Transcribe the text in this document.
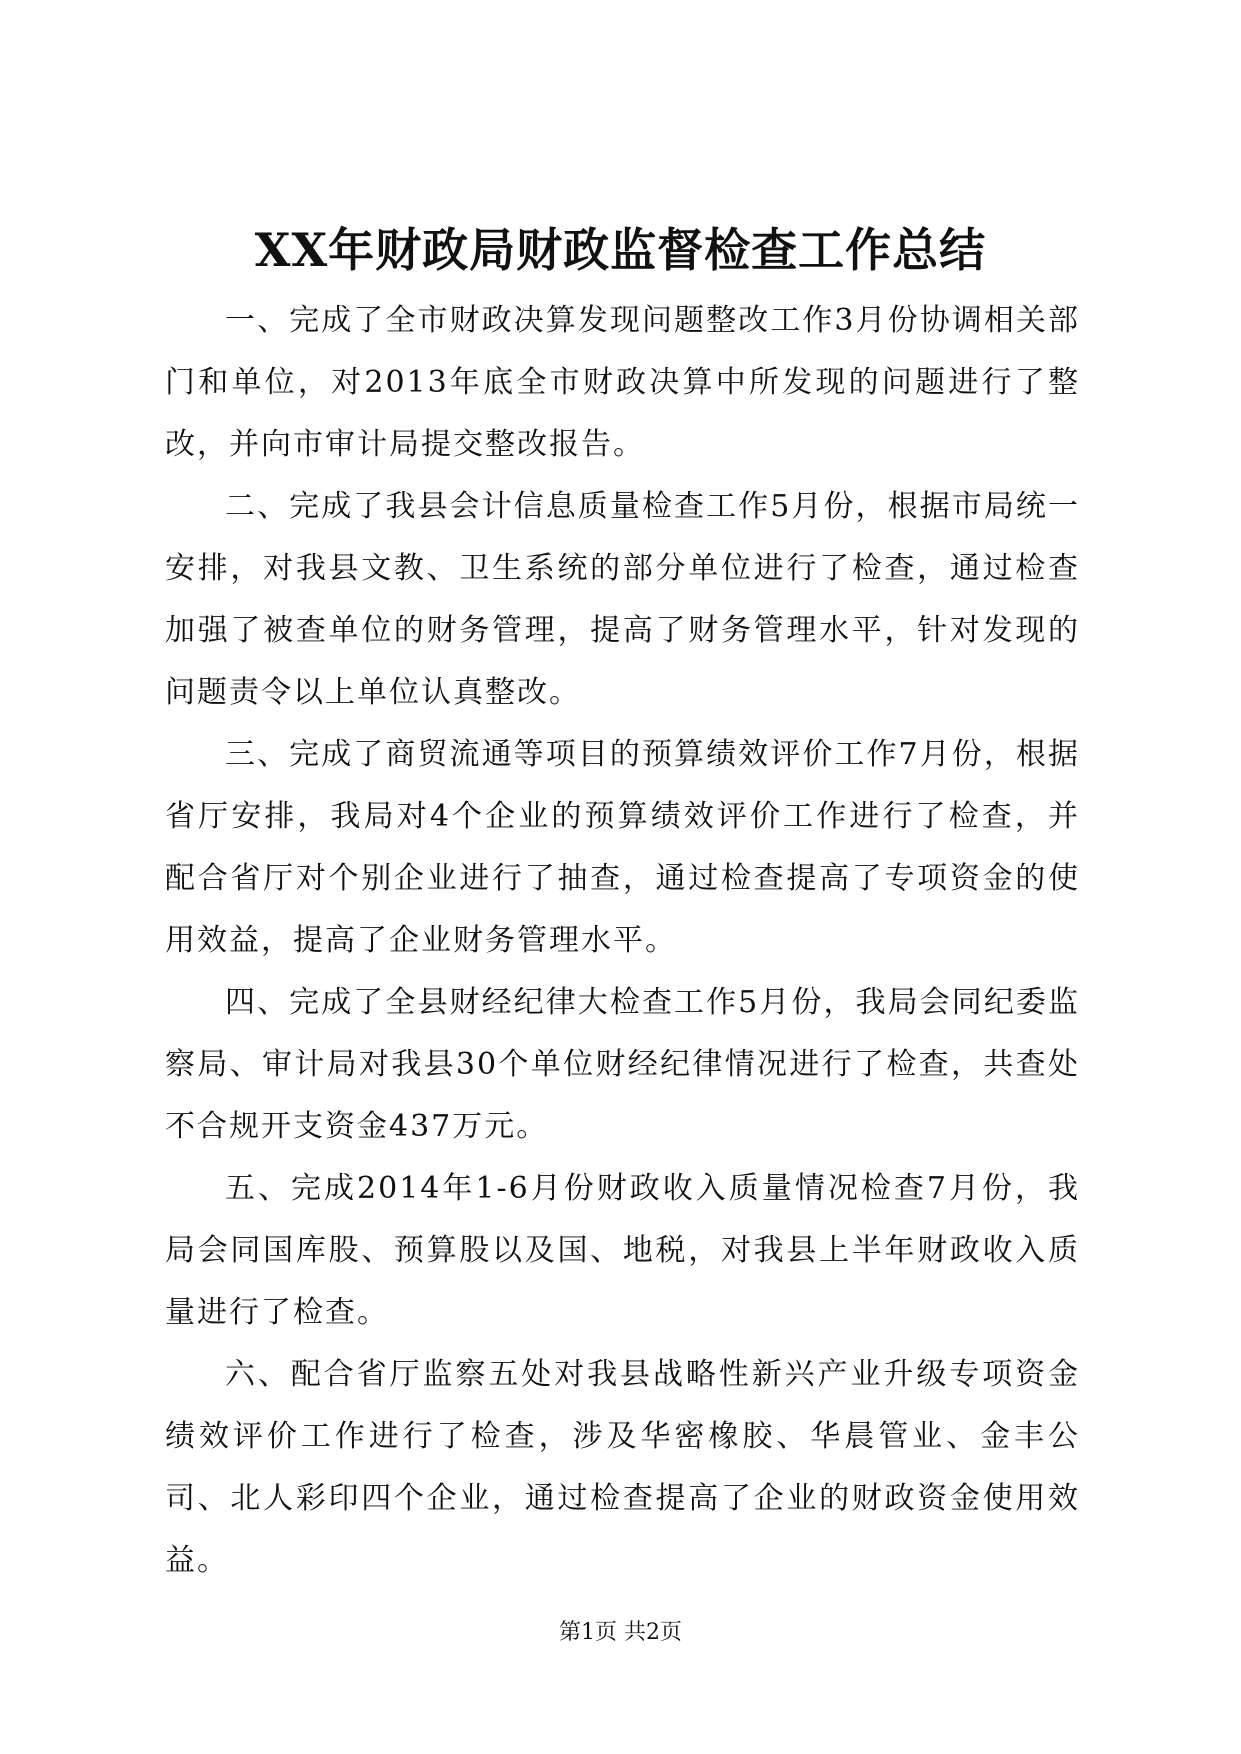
XX年财政局财政监督检查工作总结

一、完成了全市财政决算发现问题整改工作3月份协调相关部门和单位，对2013年底全市财政决算中所发现的问题进行了整改，并向市审计局提交整改报告。

二、完成了我县会计信息质量检查工作5月份，根据市局统一安排，对我县文教、卫生系统的部分单位进行了检查，通过检查加强了被查单位的财务管理，提高了财务管理水平，针对发现的问题责令以上单位认真整改。

三、完成了商贸流通等项目的预算绩效评价工作7月份，根据省厅安排，我局对4个企业的预算绩效评价工作进行了检查，并配合省厅对个别企业进行了抽查，通过检查提高了专项资金的使用效益，提高了企业财务管理水平。

四、完成了全县财经纪律大检查工作5月份，我局会同纪委监察局、审计局对我县30个单位财经纪律情况进行了检查，共查处不合规开支资金437万元。

五、完成2014年1-6月份财政收入质量情况检查7月份，我局会同国库股、预算股以及国、地税，对我县上半年财政收入质量进行了检查。

六、配合省厅监察五处对我县战略性新兴产业升级专项资金绩效评价工作进行了检查，涉及华密橡胶、华晨管业、金丰公司、北人彩印四个企业，通过检查提高了企业的财政资金使用效益。

第1页 共2页
